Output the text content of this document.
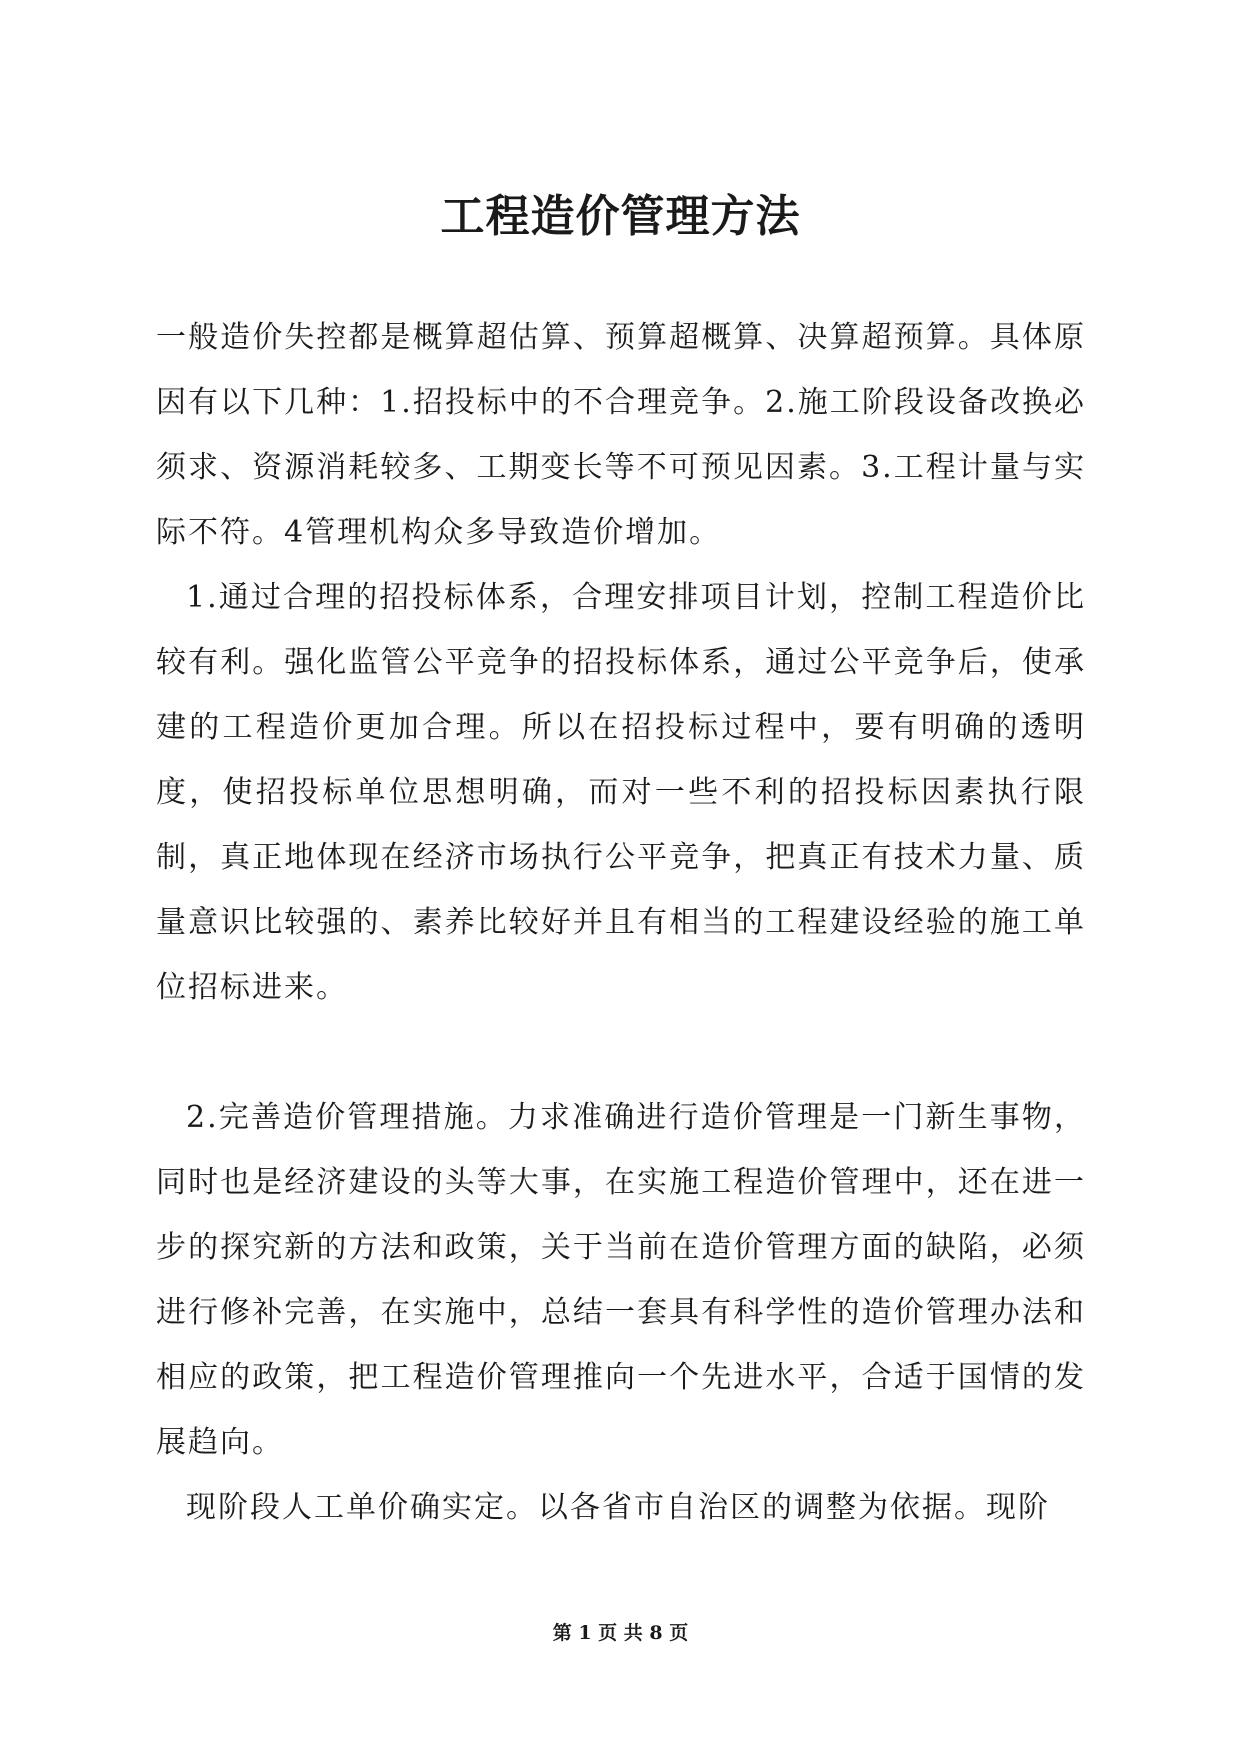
工程造价管理方法

一般造价失控都是概算超估算、预算超概算、决算超预算。具体原因有以下几种：1.招投标中的不合理竞争。2.施工阶段设备改换必须求、资源消耗较多、工期变长等不可预见因素。3.工程计量与实际不符。4管理机构众多导致造价增加。

1.通过合理的招投标体系，合理安排项目计划，控制工程造价比较有利。强化监管公平竞争的招投标体系，通过公平竞争后，使承建的工程造价更加合理。所以在招投标过程中，要有明确的透明度，使招投标单位思想明确，而对一些不利的招投标因素执行限制，真正地体现在经济市场执行公平竞争，把真正有技术力量、质量意识比较强的、素养比较好并且有相当的工程建设经验的施工单位招标进来。

2.完善造价管理措施。力求准确进行造价管理是一门新生事物，同时也是经济建设的头等大事，在实施工程造价管理中，还在进一步的探究新的方法和政策，关于当前在造价管理方面的缺陷，必须进行修补完善，在实施中，总结一套具有科学性的造价管理办法和相应的政策，把工程造价管理推向一个先进水平，合适于国情的发展趋向。

现阶段人工单价确实定。以各省市自治区的调整为依据。现阶

第 1 页 共 8 页
